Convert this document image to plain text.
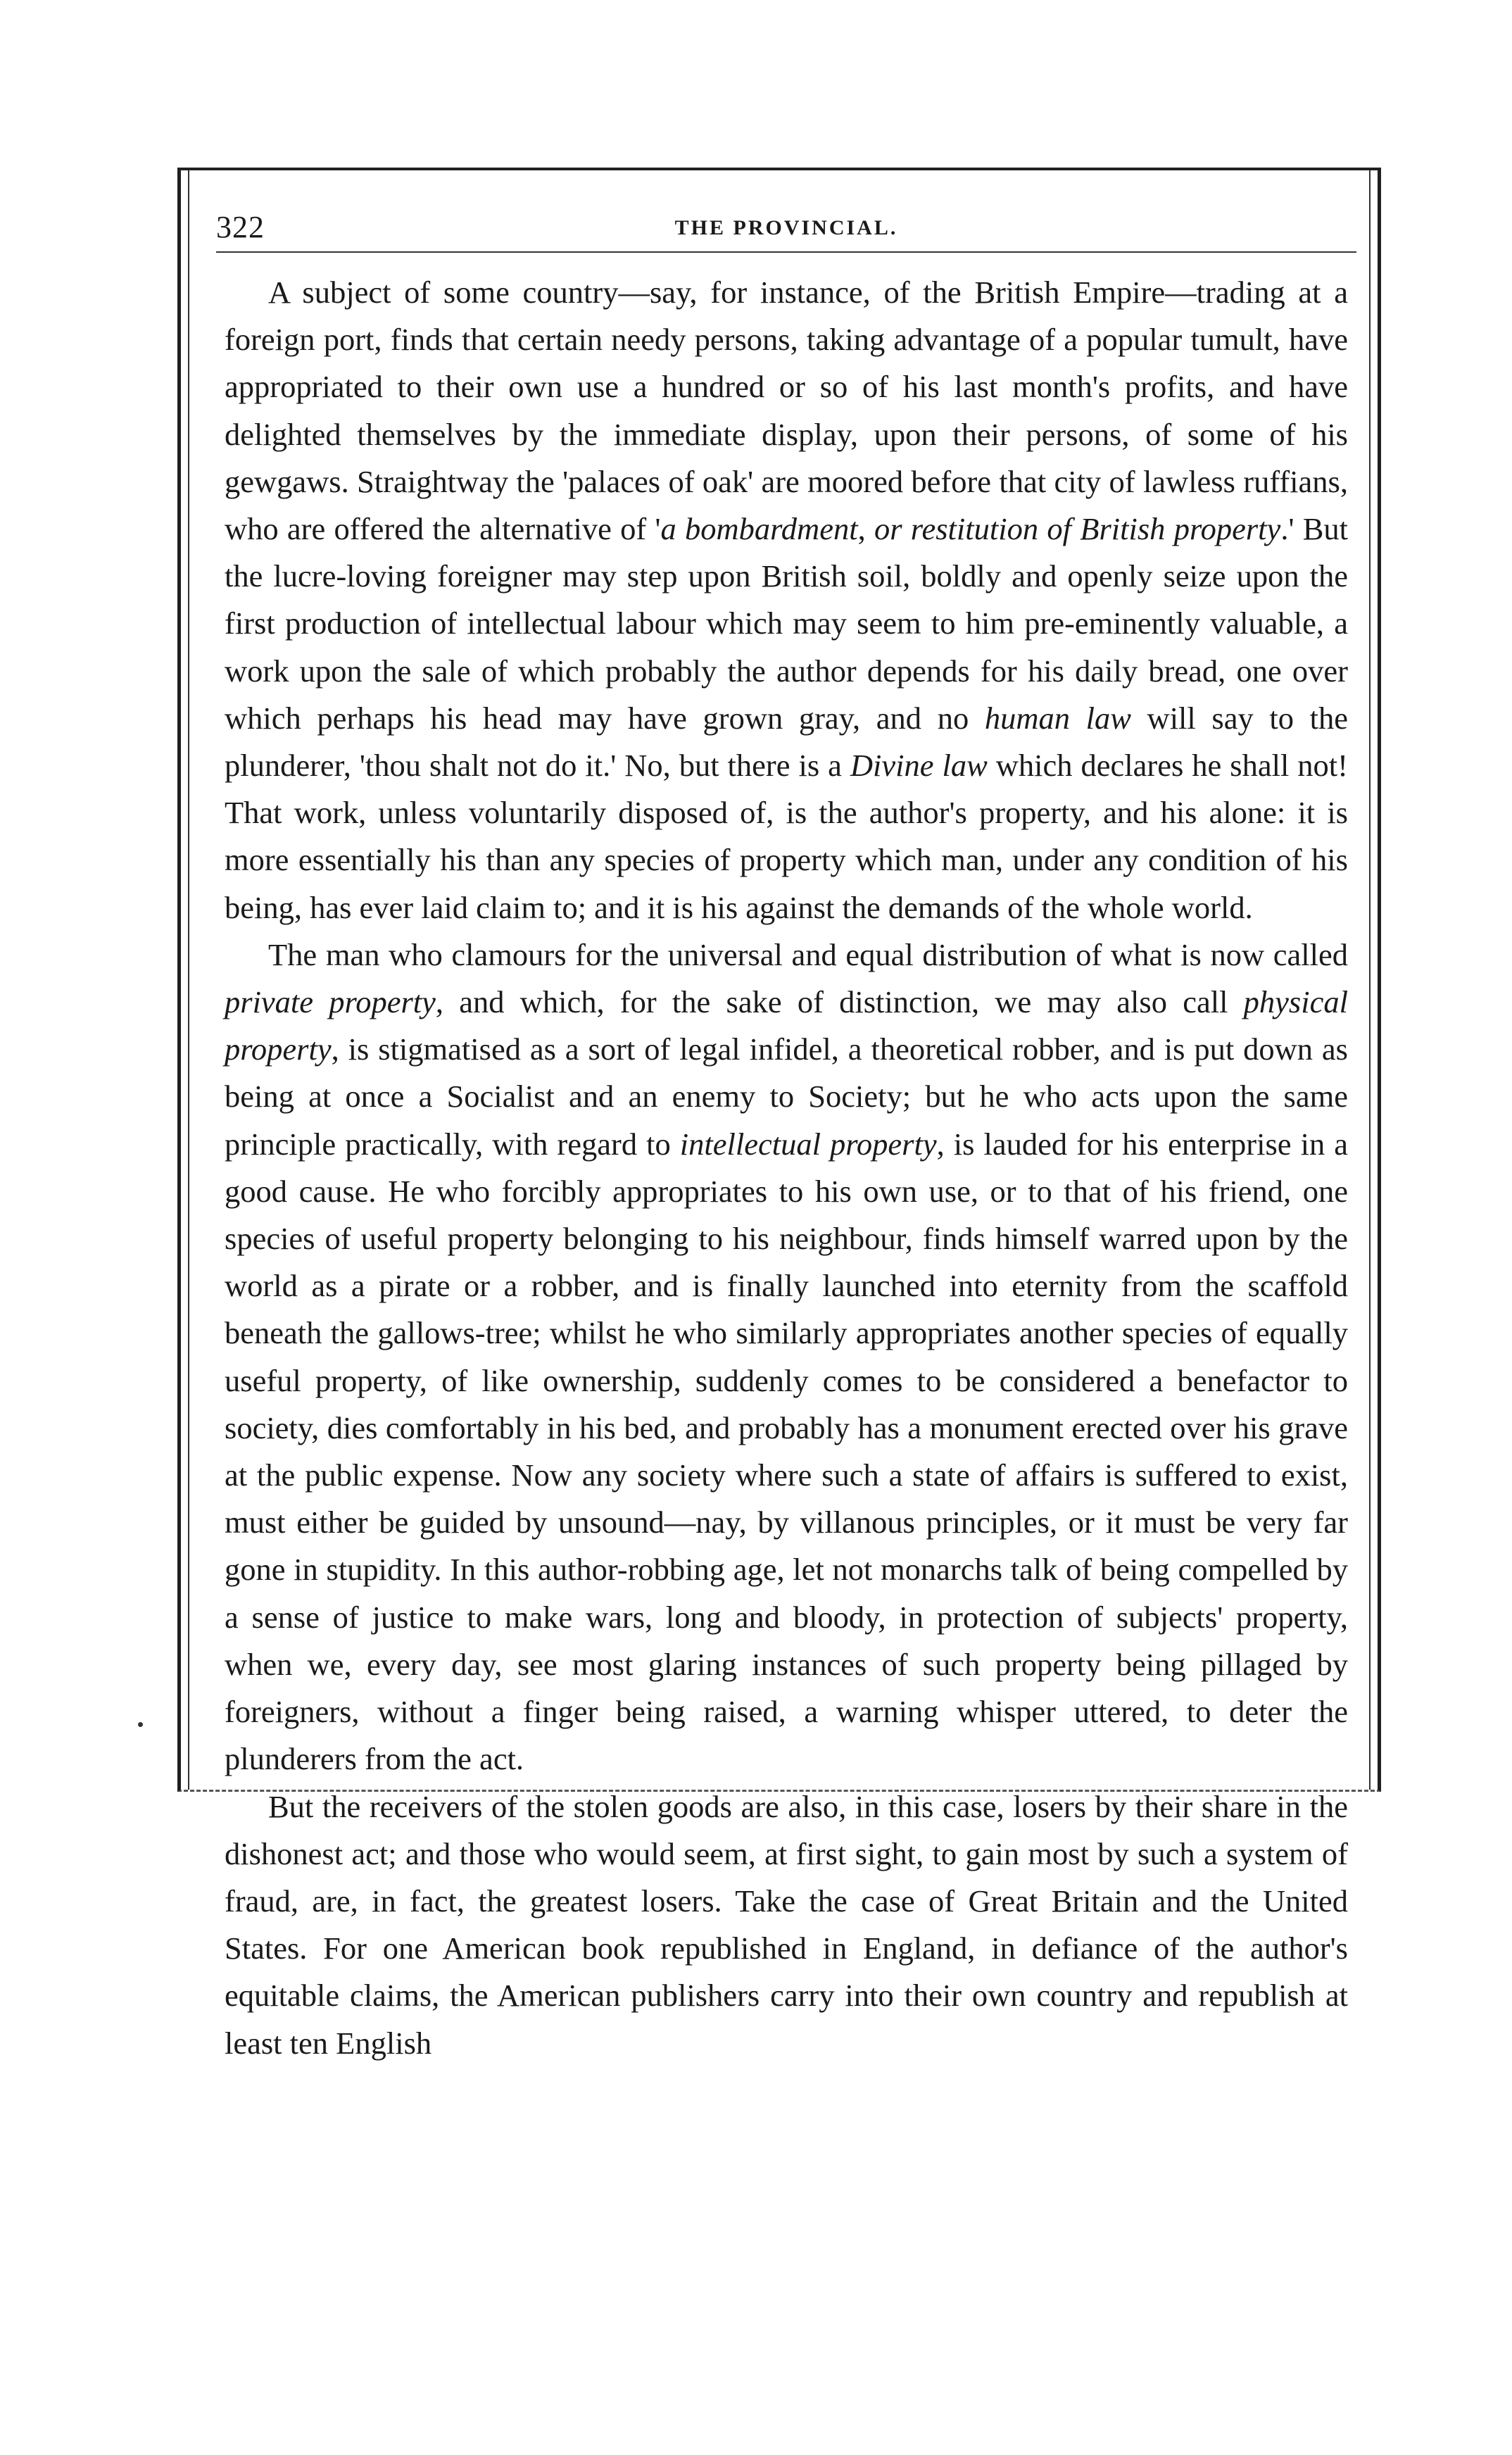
322	THE PROVINCIAL.

A subject of some country—say, for instance, of the British Empire—trading at a foreign port, finds that certain needy persons, taking advantage of a popular tumult, have appropriated to their own use a hundred or so of his last month's profits, and have delighted themselves by the immediate display, upon their persons, of some of his gewgaws. Straightway the 'palaces of oak' are moored before that city of lawless ruffians, who are offered the alternative of 'a bombardment, or restitution of British property.' But the lucre-loving foreigner may step upon British soil, boldly and openly seize upon the first production of intellectual labour which may seem to him pre-eminently valuable, a work upon the sale of which probably the author depends for his daily bread, one over which perhaps his head may have grown gray, and no human law will say to the plunderer, 'thou shalt not do it.' No, but there is a Divine law which declares he shall not! That work, unless voluntarily disposed of, is the author's property, and his alone: it is more essentially his than any species of property which man, under any condition of his being, has ever laid claim to; and it is his against the demands of the whole world.

The man who clamours for the universal and equal distribution of what is now called private property, and which, for the sake of distinction, we may also call physical property, is stigmatised as a sort of legal infidel, a theoretical robber, and is put down as being at once a Socialist and an enemy to Society; but he who acts upon the same principle practically, with regard to intellectual property, is lauded for his enterprise in a good cause. He who forcibly appropriates to his own use, or to that of his friend, one species of useful property belonging to his neighbour, finds himself warred upon by the world as a pirate or a robber, and is finally launched into eternity from the scaffold beneath the gallows-tree; whilst he who similarly appropriates another species of equally useful property, of like ownership, suddenly comes to be considered a benefactor to society, dies comfortably in his bed, and probably has a monument erected over his grave at the public expense. Now any society where such a state of affairs is suffered to exist, must either be guided by unsound—nay, by villanous principles, or it must be very far gone in stupidity. In this author-robbing age, let not monarchs talk of being compelled by a sense of justice to make wars, long and bloody, in protection of subjects' property, when we, every day, see most glaring instances of such property being pillaged by foreigners, without a finger being raised, a warning whisper uttered, to deter the plunderers from the act.

But the receivers of the stolen goods are also, in this case, losers by their share in the dishonest act; and those who would seem, at first sight, to gain most by such a system of fraud, are, in fact, the greatest losers. Take the case of Great Britain and the United States. For one American book republished in England, in defiance of the author's equitable claims, the American publishers carry into their own country and republish at least ten English
